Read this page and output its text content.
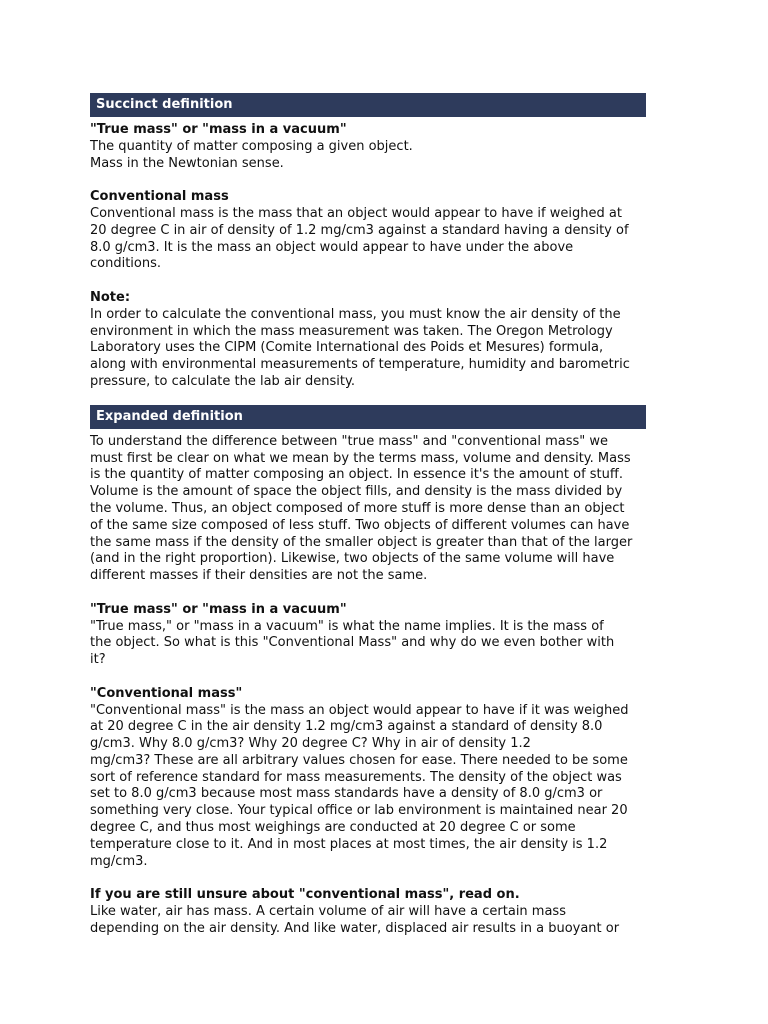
Succinct definition

"True mass" or "mass in a vacuum"

The quantity of matter composing a given object.

Mass in the Newtonian sense.

Conventional mass

Conventional mass is the mass that an object would appear to have if weighed at

20 degree C in air of density of 1.2 mg/cm3 against a standard having a density of

8.0 g/cm3. It is the mass an object would appear to have under the above

conditions.

Note:

In order to calculate the conventional mass, you must know the air density of the

environment in which the mass measurement was taken. The Oregon Metrology

Laboratory uses the CIPM (Comite International des Poids et Mesures) formula,

along with environmental measurements of temperature, humidity and barometric

pressure, to calculate the lab air density.

Expanded definition

To understand the difference between "true mass" and "conventional mass" we

must first be clear on what we mean by the terms mass, volume and density. Mass

is the quantity of matter composing an object. In essence it's the amount of stuff.

Volume is the amount of space the object fills, and density is the mass divided by

the volume. Thus, an object composed of more stuff is more dense than an object

of the same size composed of less stuff. Two objects of different volumes can have

the same mass if the density of the smaller object is greater than that of the larger

(and in the right proportion). Likewise, two objects of the same volume will have

different masses if their densities are not the same.

"True mass" or "mass in a vacuum"

"True mass," or "mass in a vacuum" is what the name implies. It is the mass of

the object. So what is this "Conventional Mass" and why do we even bother with

it?

"Conventional mass"

"Conventional mass" is the mass an object would appear to have if it was weighed

at 20 degree C in the air density 1.2 mg/cm3 against a standard of density 8.0

g/cm3. Why 8.0 g/cm3? Why 20 degree C? Why in air of density 1.2

mg/cm3? These are all arbitrary values chosen for ease. There needed to be some

sort of reference standard for mass measurements. The density of the object was

set to 8.0 g/cm3 because most mass standards have a density of 8.0 g/cm3 or

something very close. Your typical office or lab environment is maintained near 20

degree C, and thus most weighings are conducted at 20 degree C or some

temperature close to it. And in most places at most times, the air density is 1.2

mg/cm3.

If you are still unsure about "conventional mass", read on.

Like water, air has mass. A certain volume of air will have a certain mass

depending on the air density. And like water, displaced air results in a buoyant or
